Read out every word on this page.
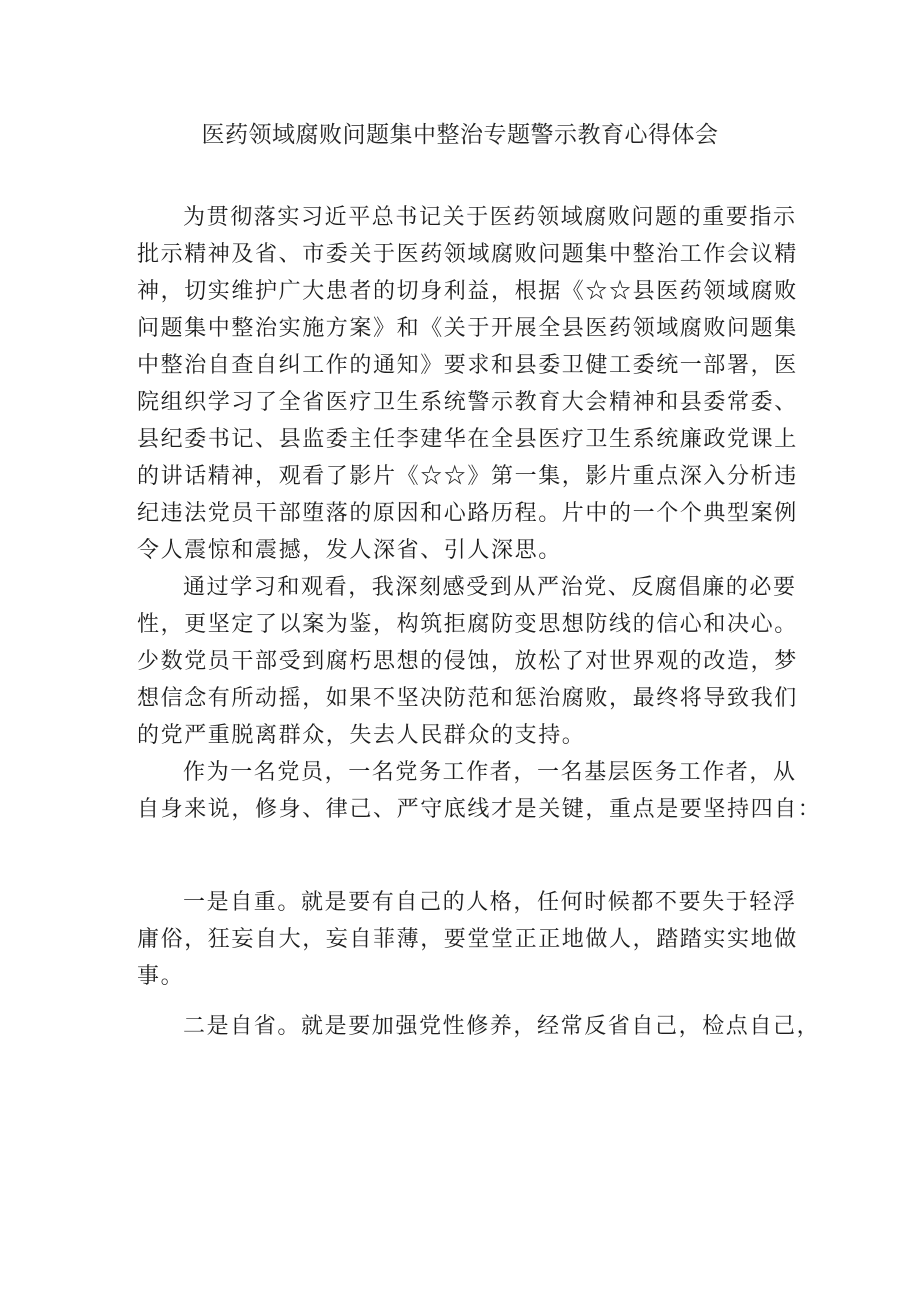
医药领域腐败问题集中整治专题警示教育心得体会
为贯彻落实习近平总书记关于医药领域腐败问题的重要指示
批示精神及省、市委关于医药领域腐败问题集中整治工作会议精
神，切实维护广大患者的切身利益，根据《☆☆县医药领域腐败
问题集中整治实施方案》和《关于开展全县医药领域腐败问题集
中整治自查自纠工作的通知》要求和县委卫健工委统一部署，医
院组织学习了全省医疗卫生系统警示教育大会精神和县委常委、
县纪委书记、县监委主任李建华在全县医疗卫生系统廉政党课上
的讲话精神，观看了影片《☆☆》第一集，影片重点深入分析违
纪违法党员干部堕落的原因和心路历程。片中的一个个典型案例
令人震惊和震撼，发人深省、引人深思。
通过学习和观看，我深刻感受到从严治党、反腐倡廉的必要
性，更坚定了以案为鉴，构筑拒腐防变思想防线的信心和决心。
少数党员干部受到腐朽思想的侵蚀，放松了对世界观的改造，梦
想信念有所动摇，如果不坚决防范和惩治腐败，最终将导致我们
的党严重脱离群众，失去人民群众的支持。
作为一名党员，一名党务工作者，一名基层医务工作者，从
自身来说，修身、律己、严守底线才是关键，重点是要坚持四自：
一是自重。就是要有自己的人格，任何时候都不要失于轻浮
庸俗，狂妄自大，妄自菲薄，要堂堂正正地做人，踏踏实实地做
事。
二是自省。就是要加强党性修养，经常反省自己，检点自己，
